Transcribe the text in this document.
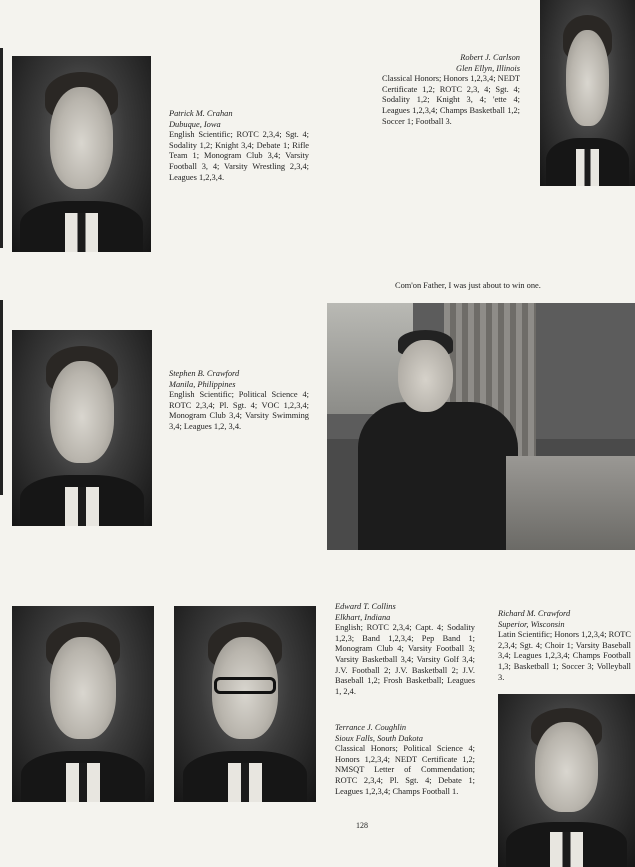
Com'on Father, I was just about to win one.
Robert J. Carlson
Glen Ellyn, Illinois
Classical Honors; Honors 1,2,3,4; NEDT Certificate 1,2; ROTC 2,3, 4; Sgt. 4; Sodality 1,2; Knight 3, 4; 'ette 4; Leagues 1,2,3,4; Champs Basketball 1,2; Soccer 1; Football 3.
Patrick M. Crahan
Dubuque, Iowa
English Scientific; ROTC 2,3,4; Sgt. 4; Sodality 1,2; Knight 3,4; Debate 1; Rifle Team 1; Monogram Club 3,4; Varsity Football 3, 4; Varsity Wrestling 2,3,4; Leagues 1,2,3,4.
Stephen B. Crawford
Manila, Philippines
English Scientific; Political Science 4; ROTC 2,3,4; Pl. Sgt. 4; VOC 1,2,3,4; Monogram Club 3,4; Varsity Swimming 3,4; Leagues 1,2, 3,4.
Edward T. Collins
Elkhart, Indiana
English; ROTC 2,3,4; Capt. 4; Sodality 1,2,3; Band 1,2,3,4; Pep Band 1; Monogram Club 4; Varsity Football 3; Varsity Basketball 3,4; Varsity Golf 3,4; J.V. Football 2; J.V. Basketball 2; J.V. Baseball 1,2; Frosh Basketball; Leagues 1, 2,4.
Terrance J. Coughlin
Sioux Falls, South Dakota
Classical Honors; Political Science 4; Honors 1,2,3,4; NEDT Certificate 1,2; NMSQT Letter of Commendation; ROTC 2,3,4; Pl. Sgt. 4; Debate 1; Leagues 1,2,3,4; Champs Football 1.
Richard M. Crawford
Superior, Wisconsin
Latin Scientific; Honors 1,2,3,4; ROTC 2,3,4; Sgt. 4; Choir 1; Varsity Baseball 3,4; Leagues 1,2,3,4; Champs Football 1,3; Basketball 1; Soccer 3; Volleyball 3.
128
